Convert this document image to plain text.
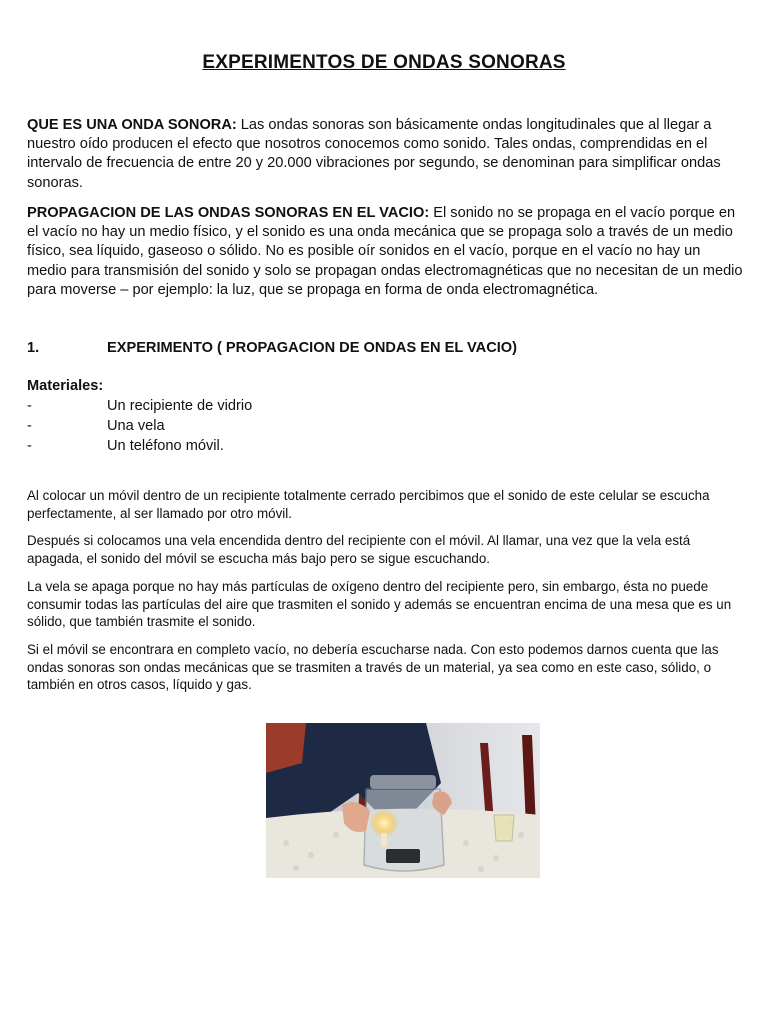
EXPERIMENTOS DE ONDAS SONORAS

QUE ES UNA ONDA SONORA: Las ondas sonoras son básicamente ondas longitudinales que al llegar a nuestro oído producen el efecto que nosotros conocemos como sonido. Tales ondas, comprendidas en el intervalo de frecuencia de entre 20 y 20.000 vibraciones por segundo, se denominan para simplificar ondas sonoras.

PROPAGACION DE LAS ONDAS SONORAS EN EL VACIO: El sonido no se propaga en el vacío porque en el vacío no hay un medio físico, y el sonido es una onda mecánica que se propaga solo a través de un medio físico, sea líquido, gaseoso o sólido. No es posible oír sonidos en el vacío, porque en el vacío no hay un medio para transmisión del sonido y solo se propagan ondas electromagnéticas que no necesitan de un medio para moverse – por ejemplo: la luz, que se propaga en forma de onda electromagnética.

1.	EXPERIMENTO ( PROPAGACION DE ONDAS EN EL VACIO)
Materiales:
-	Un recipiente de vidrio
-	Una vela
-	Un teléfono móvil.

Al colocar un móvil dentro de un recipiente totalmente cerrado percibimos que el sonido de este celular se escucha perfectamente, al ser llamado por otro móvil.

Después si colocamos una vela encendida dentro del recipiente con el móvil. Al llamar, una vez que la vela está apagada, el sonido del móvil se escucha más bajo pero se sigue escuchando.

La vela se apaga porque no hay más partículas de oxígeno dentro del recipiente pero, sin embargo, ésta no puede consumir todas las partículas del aire que trasmiten el sonido y además se encuentran encima de una mesa que es un sólido, que también trasmite el sonido.

Si el móvil se encontrara en completo vacío, no debería escucharse nada. Con esto podemos darnos cuenta que las ondas sonoras son ondas mecánicas que se trasmiten a través de un material, ya sea como en este caso, sólido, o también en otros casos, líquido y gas.
